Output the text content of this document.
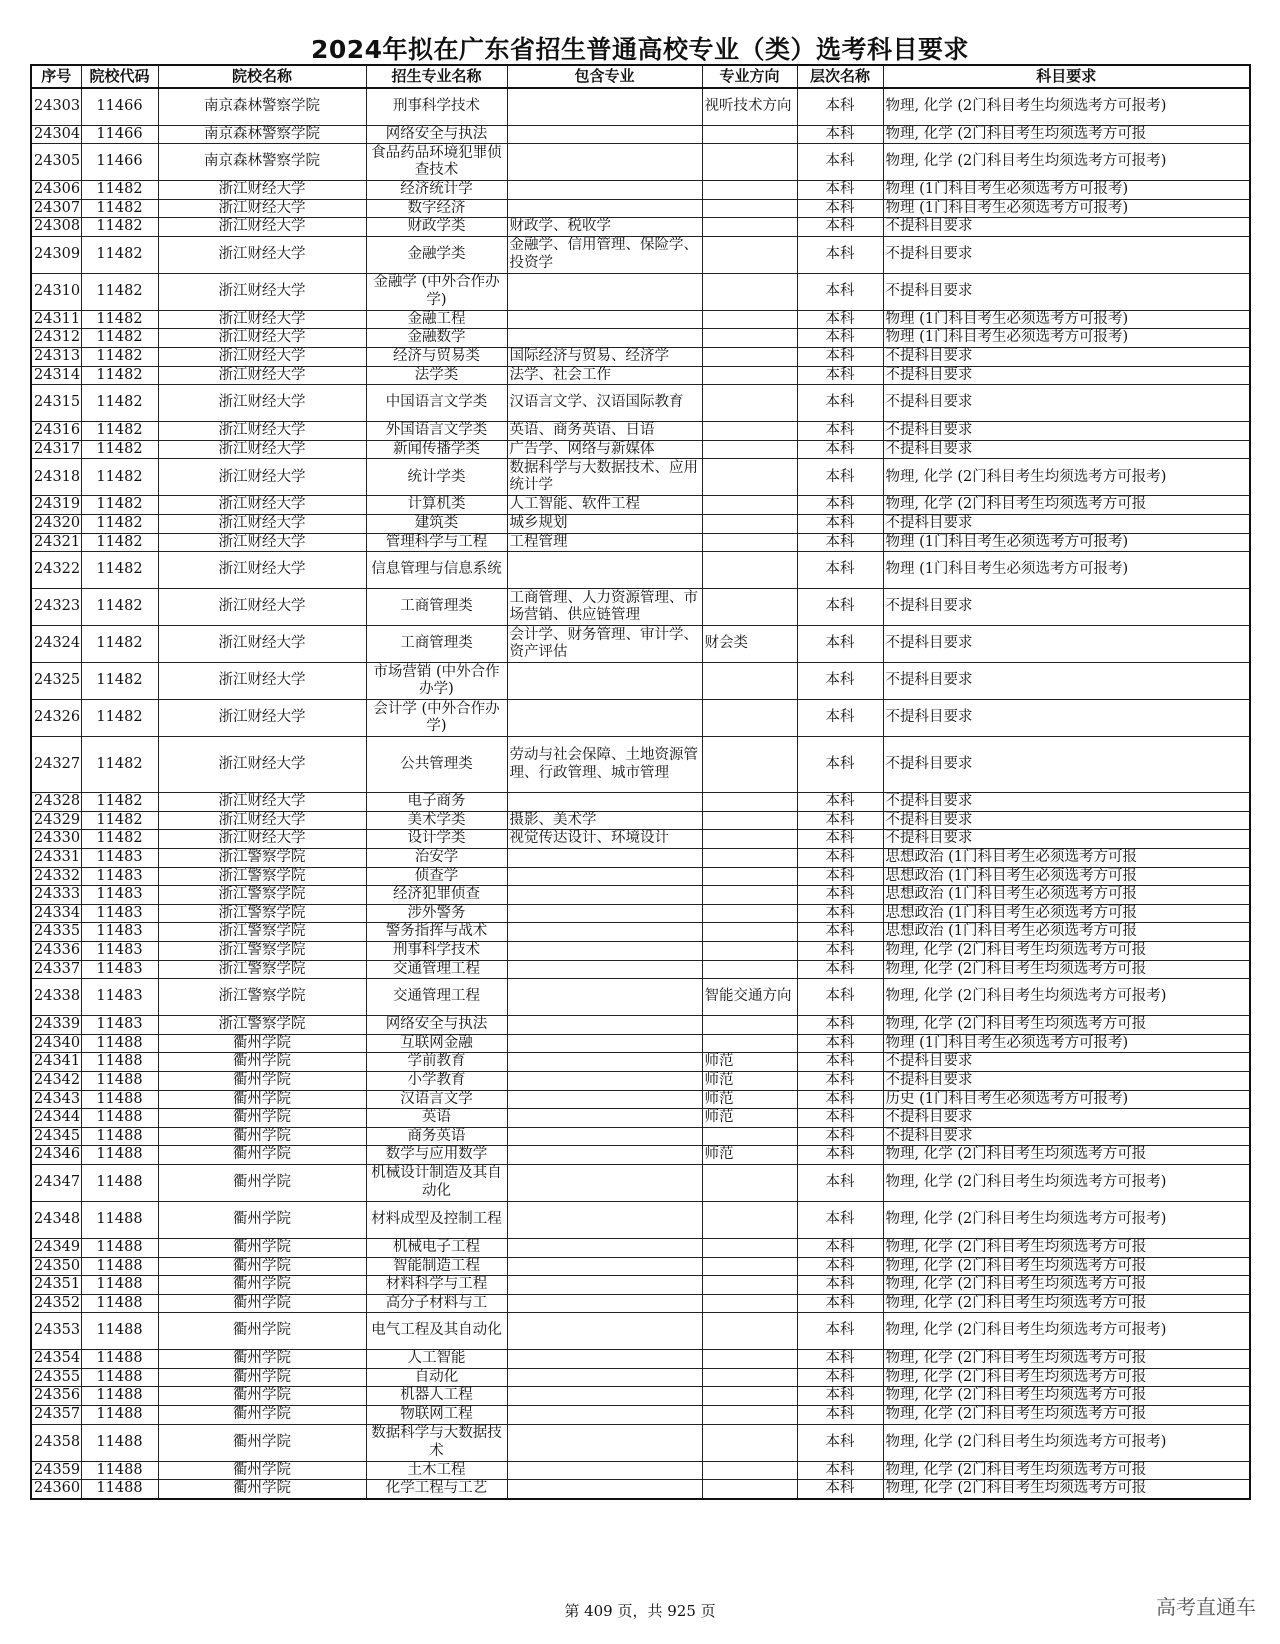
2024年拟在广东省招生普通高校专业（类）选考科目要求
序号	院校代码	院校名称	招生专业名称	包含专业	专业方向	层次名称	科目要求
24303	11466	南京森林警察学院	刑事科学技术		视听技术方向	本科	物理, 化学 (2门科目考生均须选考方可报考)
24304	11466	南京森林警察学院	网络安全与执法			本科	物理, 化学 (2门科目考生均须选考方可报
24305	11466	南京森林警察学院	食品药品环境犯罪侦查技术			本科	物理, 化学 (2门科目考生均须选考方可报考)
24306	11482	浙江财经大学	经济统计学			本科	物理 (1门科目考生必须选考方可报考)
24307	11482	浙江财经大学	数字经济			本科	物理 (1门科目考生必须选考方可报考)
24308	11482	浙江财经大学	财政学类	财政学、税收学		本科	不提科目要求
24309	11482	浙江财经大学	金融学类	金融学、信用管理、保险学、投资学		本科	不提科目要求
24310	11482	浙江财经大学	金融学 (中外合作办学)			本科	不提科目要求
24311	11482	浙江财经大学	金融工程			本科	物理 (1门科目考生必须选考方可报考)
24312	11482	浙江财经大学	金融数学			本科	物理 (1门科目考生必须选考方可报考)
24313	11482	浙江财经大学	经济与贸易类	国际经济与贸易、经济学		本科	不提科目要求
24314	11482	浙江财经大学	法学类	法学、社会工作		本科	不提科目要求
24315	11482	浙江财经大学	中国语言文学类	汉语言文学、汉语国际教育		本科	不提科目要求
24316	11482	浙江财经大学	外国语言文学类	英语、商务英语、日语		本科	不提科目要求
24317	11482	浙江财经大学	新闻传播学类	广告学、网络与新媒体		本科	不提科目要求
24318	11482	浙江财经大学	统计学类	数据科学与大数据技术、应用统计学		本科	物理, 化学 (2门科目考生均须选考方可报考)
24319	11482	浙江财经大学	计算机类	人工智能、软件工程		本科	物理, 化学 (2门科目考生均须选考方可报
24320	11482	浙江财经大学	建筑类	城乡规划		本科	不提科目要求
24321	11482	浙江财经大学	管理科学与工程	工程管理		本科	物理 (1门科目考生必须选考方可报考)
24322	11482	浙江财经大学	信息管理与信息系统			本科	物理 (1门科目考生必须选考方可报考)
24323	11482	浙江财经大学	工商管理类	工商管理、人力资源管理、市场营销、供应链管理		本科	不提科目要求
24324	11482	浙江财经大学	工商管理类	会计学、财务管理、审计学、资产评估	财会类	本科	不提科目要求
24325	11482	浙江财经大学	市场营销 (中外合作办学)			本科	不提科目要求
24326	11482	浙江财经大学	会计学 (中外合作办学)			本科	不提科目要求
24327	11482	浙江财经大学	公共管理类	劳动与社会保障、土地资源管理、行政管理、城市管理		本科	不提科目要求
24328	11482	浙江财经大学	电子商务			本科	不提科目要求
24329	11482	浙江财经大学	美术学类	摄影、美术学		本科	不提科目要求
24330	11482	浙江财经大学	设计学类	视觉传达设计、环境设计		本科	不提科目要求
24331	11483	浙江警察学院	治安学			本科	思想政治 (1门科目考生必须选考方可报
24332	11483	浙江警察学院	侦查学			本科	思想政治 (1门科目考生必须选考方可报
24333	11483	浙江警察学院	经济犯罪侦查			本科	思想政治 (1门科目考生必须选考方可报
24334	11483	浙江警察学院	涉外警务			本科	思想政治 (1门科目考生必须选考方可报
24335	11483	浙江警察学院	警务指挥与战术			本科	思想政治 (1门科目考生必须选考方可报
24336	11483	浙江警察学院	刑事科学技术			本科	物理, 化学 (2门科目考生均须选考方可报
24337	11483	浙江警察学院	交通管理工程			本科	物理, 化学 (2门科目考生均须选考方可报
24338	11483	浙江警察学院	交通管理工程		智能交通方向	本科	物理, 化学 (2门科目考生均须选考方可报考)
24339	11483	浙江警察学院	网络安全与执法			本科	物理, 化学 (2门科目考生均须选考方可报
24340	11488	衢州学院	互联网金融			本科	物理 (1门科目考生必须选考方可报考)
24341	11488	衢州学院	学前教育		师范	本科	不提科目要求
24342	11488	衢州学院	小学教育		师范	本科	不提科目要求
24343	11488	衢州学院	汉语言文学		师范	本科	历史 (1门科目考生必须选考方可报考)
24344	11488	衢州学院	英语		师范	本科	不提科目要求
24345	11488	衢州学院	商务英语			本科	不提科目要求
24346	11488	衢州学院	数学与应用数学		师范	本科	物理, 化学 (2门科目考生均须选考方可报
24347	11488	衢州学院	机械设计制造及其自动化			本科	物理, 化学 (2门科目考生均须选考方可报考)
24348	11488	衢州学院	材料成型及控制工程			本科	物理, 化学 (2门科目考生均须选考方可报考)
24349	11488	衢州学院	机械电子工程			本科	物理, 化学 (2门科目考生均须选考方可报
24350	11488	衢州学院	智能制造工程			本科	物理, 化学 (2门科目考生均须选考方可报
24351	11488	衢州学院	材料科学与工程			本科	物理, 化学 (2门科目考生均须选考方可报
24352	11488	衢州学院	高分子材料与工			本科	物理, 化学 (2门科目考生均须选考方可报
24353	11488	衢州学院	电气工程及其自动化			本科	物理, 化学 (2门科目考生均须选考方可报考)
24354	11488	衢州学院	人工智能			本科	物理, 化学 (2门科目考生均须选考方可报
24355	11488	衢州学院	自动化			本科	物理, 化学 (2门科目考生均须选考方可报
24356	11488	衢州学院	机器人工程			本科	物理, 化学 (2门科目考生均须选考方可报
24357	11488	衢州学院	物联网工程			本科	物理, 化学 (2门科目考生均须选考方可报
24358	11488	衢州学院	数据科学与大数据技术			本科	物理, 化学 (2门科目考生均须选考方可报考)
24359	11488	衢州学院	土木工程			本科	物理, 化学 (2门科目考生均须选考方可报
24360	11488	衢州学院	化学工程与工艺			本科	物理, 化学 (2门科目考生均须选考方可报
第 409 页，共 925 页	高考直通车
